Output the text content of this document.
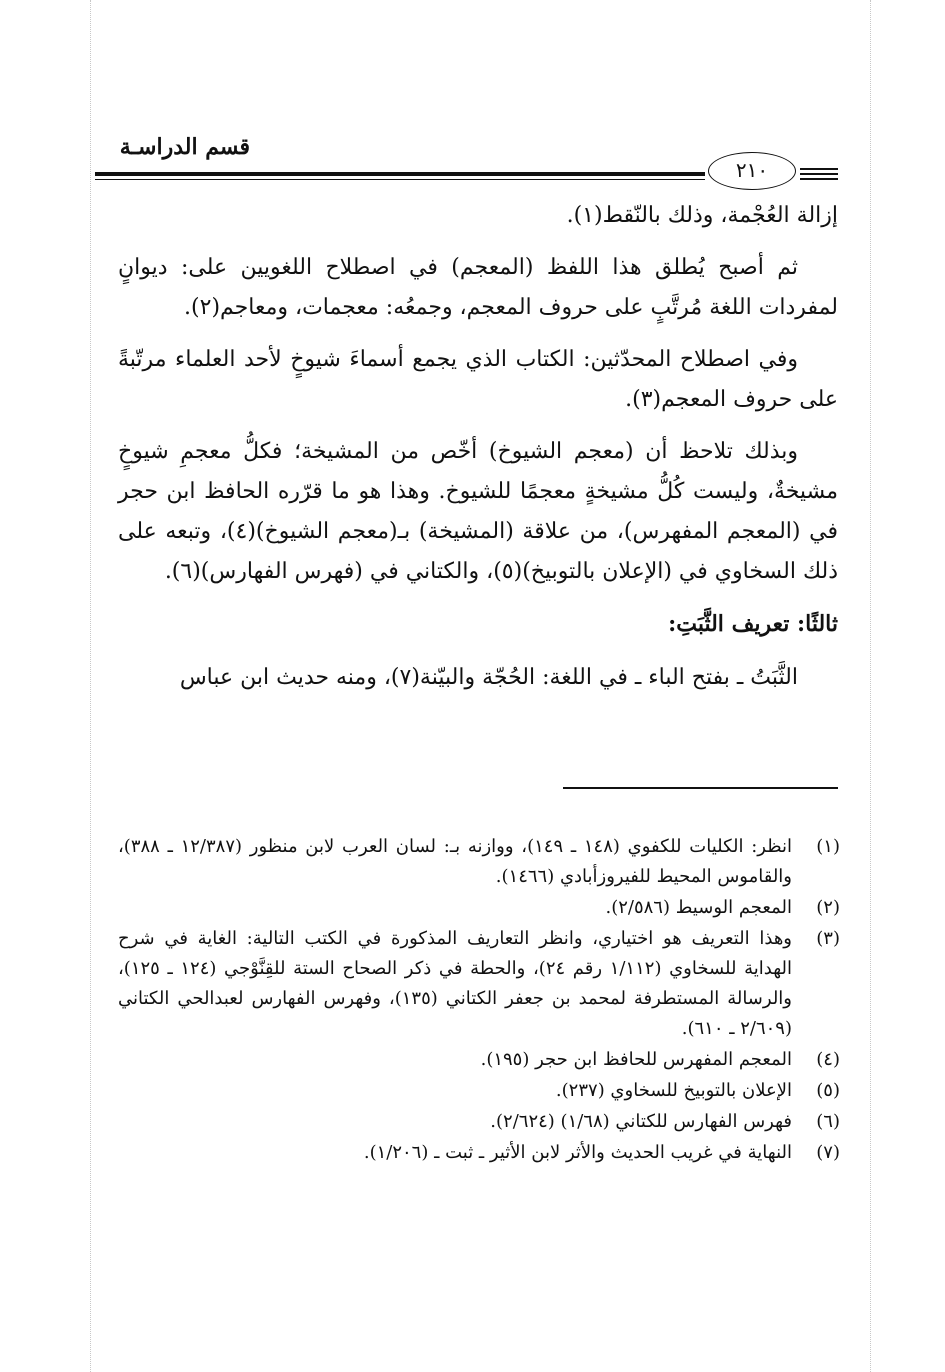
قسم الدراسـة
٢١٠

إزالة العُجْمة، وذلك بالنّقط(١).

ثم أصبح يُطلق هذا اللفظ (المعجم) في اصطلاح اللغويين على: ديوانٍ لمفردات اللغة مُرتَّبٍ على حروف المعجم، وجمعُه: معجمات، ومعاجم(٢).

وفي اصطلاح المحدّثين: الكتاب الذي يجمع أسماءَ شيوخٍ لأحد العلماء مرتّبةً على حروف المعجم(٣).

وبذلك تلاحظ أن (معجم الشيوخ) أخّص من المشيخة؛ فكلُّ معجمِ شيوخٍ مشيخةٌ، وليست كُلُّ مشيخةٍ معجمًا للشيوخ. وهذا هو ما قرّره الحافظ ابن حجر في (المعجم المفهرس)، من علاقة (المشيخة) بـ(معجم الشيوخ)(٤)، وتبعه على ذلك السخاوي في (الإعلان بالتوبيخ)(٥)، والكتاني في (فهرس الفهارس)(٦).

ثالثًا: تعريف الثَّبَتِ:

الثَّبَتُ ـ بفتح الباء ـ في اللغة: الحُجّة والبيّنة(٧)، ومنه حديث ابن عباس

(١)
انظر: الكليات للكفوي (١٤٨ ـ ١٤٩)، ووازنه بـ: لسان العرب لابن منظور (١٢/٣٨٧ ـ ٣٨٨)، والقاموس المحيط للفيروزأبادي (١٤٦٦).
(٢)
المعجم الوسيط (٢/٥٨٦).
(٣)
وهذا التعريف هو اختياري، وانظر التعاريف المذكورة في الكتب التالية: الغاية في شرح الهداية للسخاوي (١/١١٢ رقم ٢٤)، والحطة في ذكر الصحاح الستة للقِنَّوْجي (١٢٤ ـ ١٢٥)، والرسالة المستطرفة لمحمد بن جعفر الكتاني (١٣٥)، وفهرس الفهارس لعبدالحي الكتاني (٢/٦٠٩ ـ ٦١٠).
(٤)
المعجم المفهرس للحافظ ابن حجر (١٩٥).
(٥)
الإعلان بالتوبيخ للسخاوي (٢٣٧).
(٦)
فهرس الفهارس للكتاني (١/٦٨) (٢/٦٢٤).
(٧)
النهاية في غريب الحديث والأثر لابن الأثير ـ ثبت ـ (١/٢٠٦).
